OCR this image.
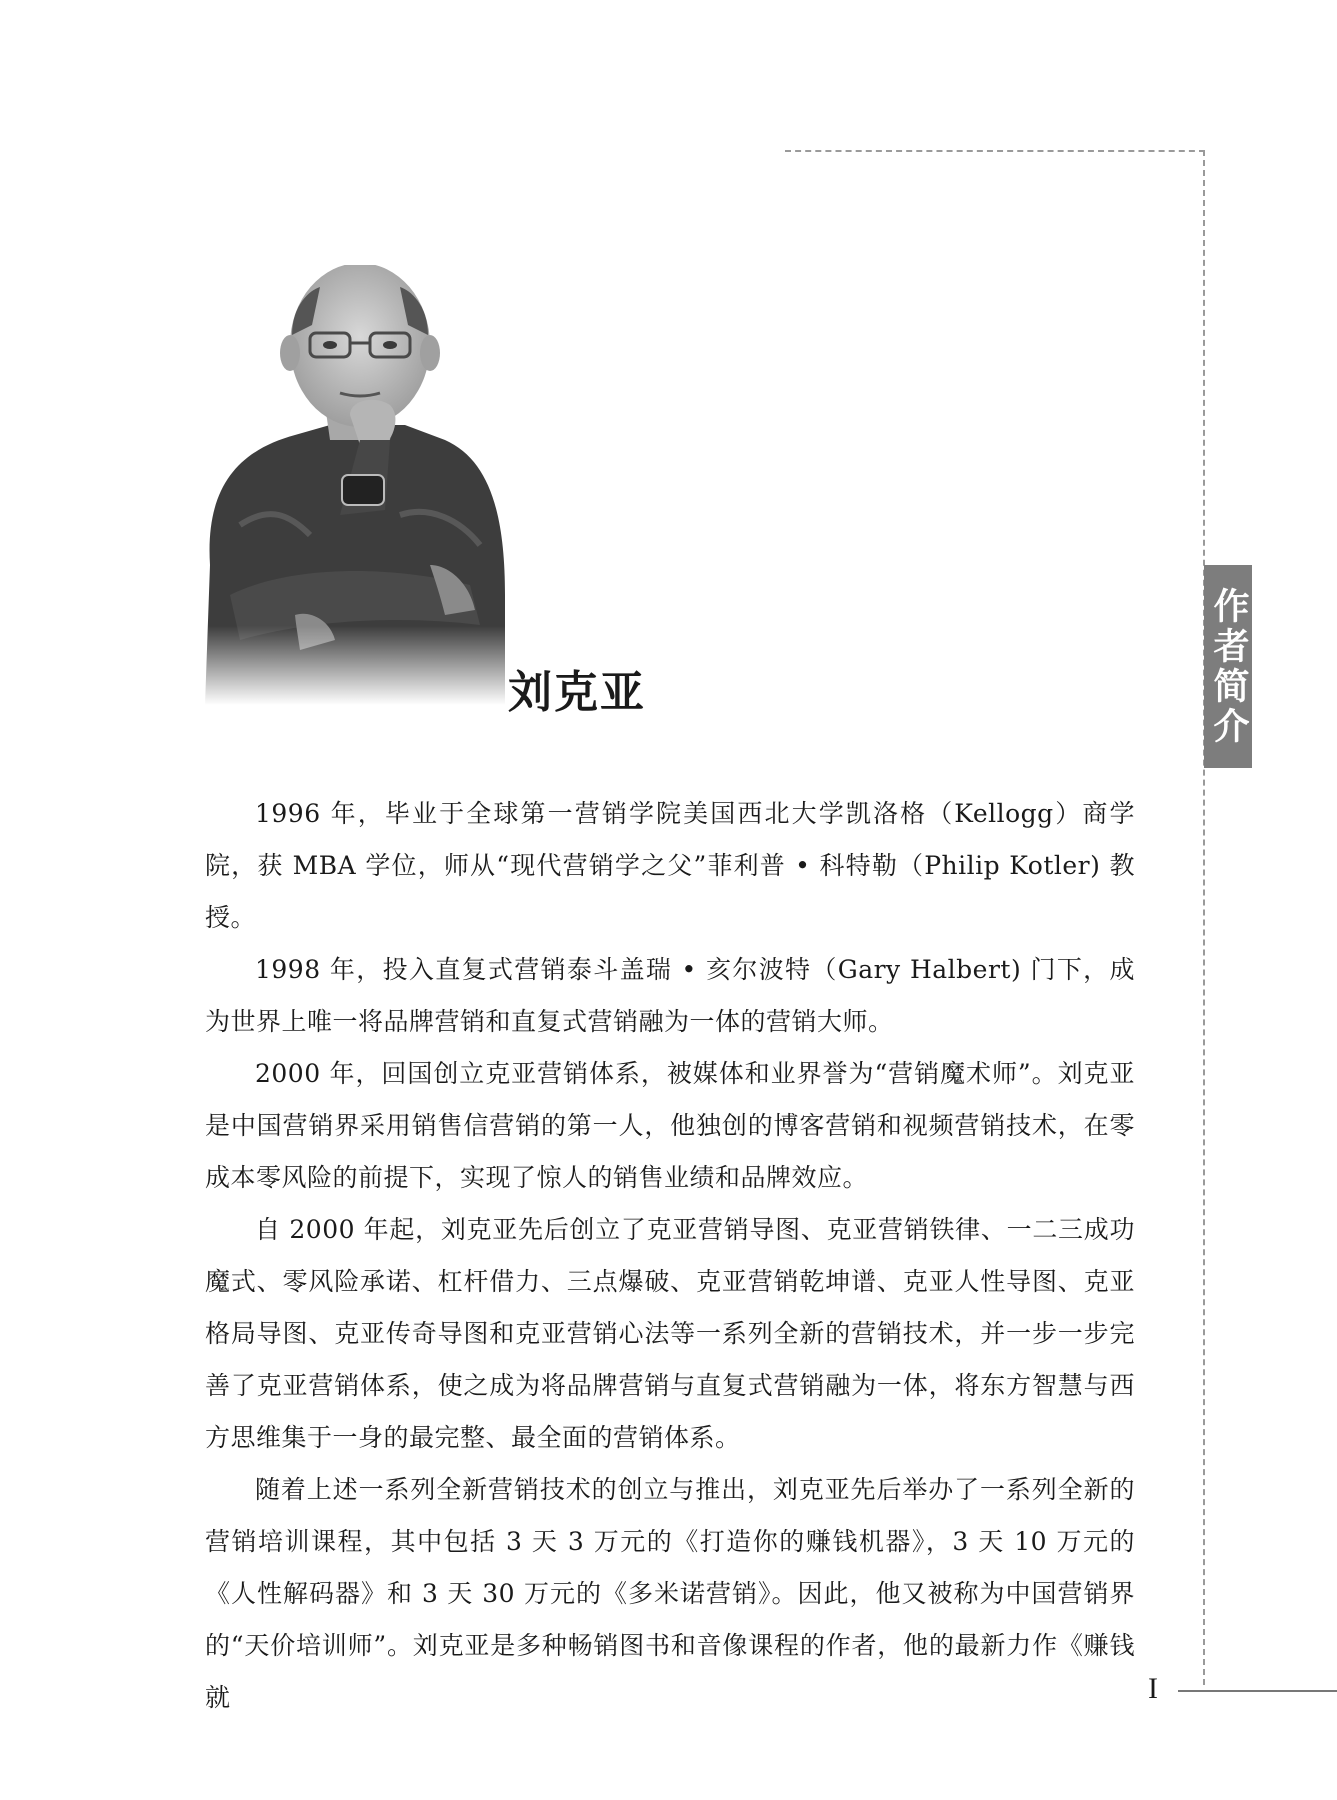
作者简介
刘克亚

1996 年，毕业于全球第一营销学院美国西北大学凯洛格（Kellogg）商学院，获 MBA 学位，师从“现代营销学之父”菲利普 • 科特勒（Philip Kotler) 教授。

1998 年，投入直复式营销泰斗盖瑞 • 亥尔波特（Gary Halbert) 门下，成为世界上唯一将品牌营销和直复式营销融为一体的营销大师。

2000 年，回国创立克亚营销体系，被媒体和业界誉为“营销魔术师”。刘克亚是中国营销界采用销售信营销的第一人，他独创的博客营销和视频营销技术，在零成本零风险的前提下，实现了惊人的销售业绩和品牌效应。

自 2000 年起，刘克亚先后创立了克亚营销导图、克亚营销铁律、一二三成功魔式、零风险承诺、杠杆借力、三点爆破、克亚营销乾坤谱、克亚人性导图、克亚格局导图、克亚传奇导图和克亚营销心法等一系列全新的营销技术，并一步一步完善了克亚营销体系，使之成为将品牌营销与直复式营销融为一体，将东方智慧与西方思维集于一身的最完整、最全面的营销体系。

随着上述一系列全新营销技术的创立与推出，刘克亚先后举办了一系列全新的营销培训课程，其中包括 3 天 3 万元的《打造你的赚钱机器》，3 天 10 万元的《人性解码器》和 3 天 30 万元的《多米诺营销》。因此，他又被称为中国营销界的“天价培训师”。刘克亚是多种畅销图书和音像课程的作者，他的最新力作《赚钱就	I
